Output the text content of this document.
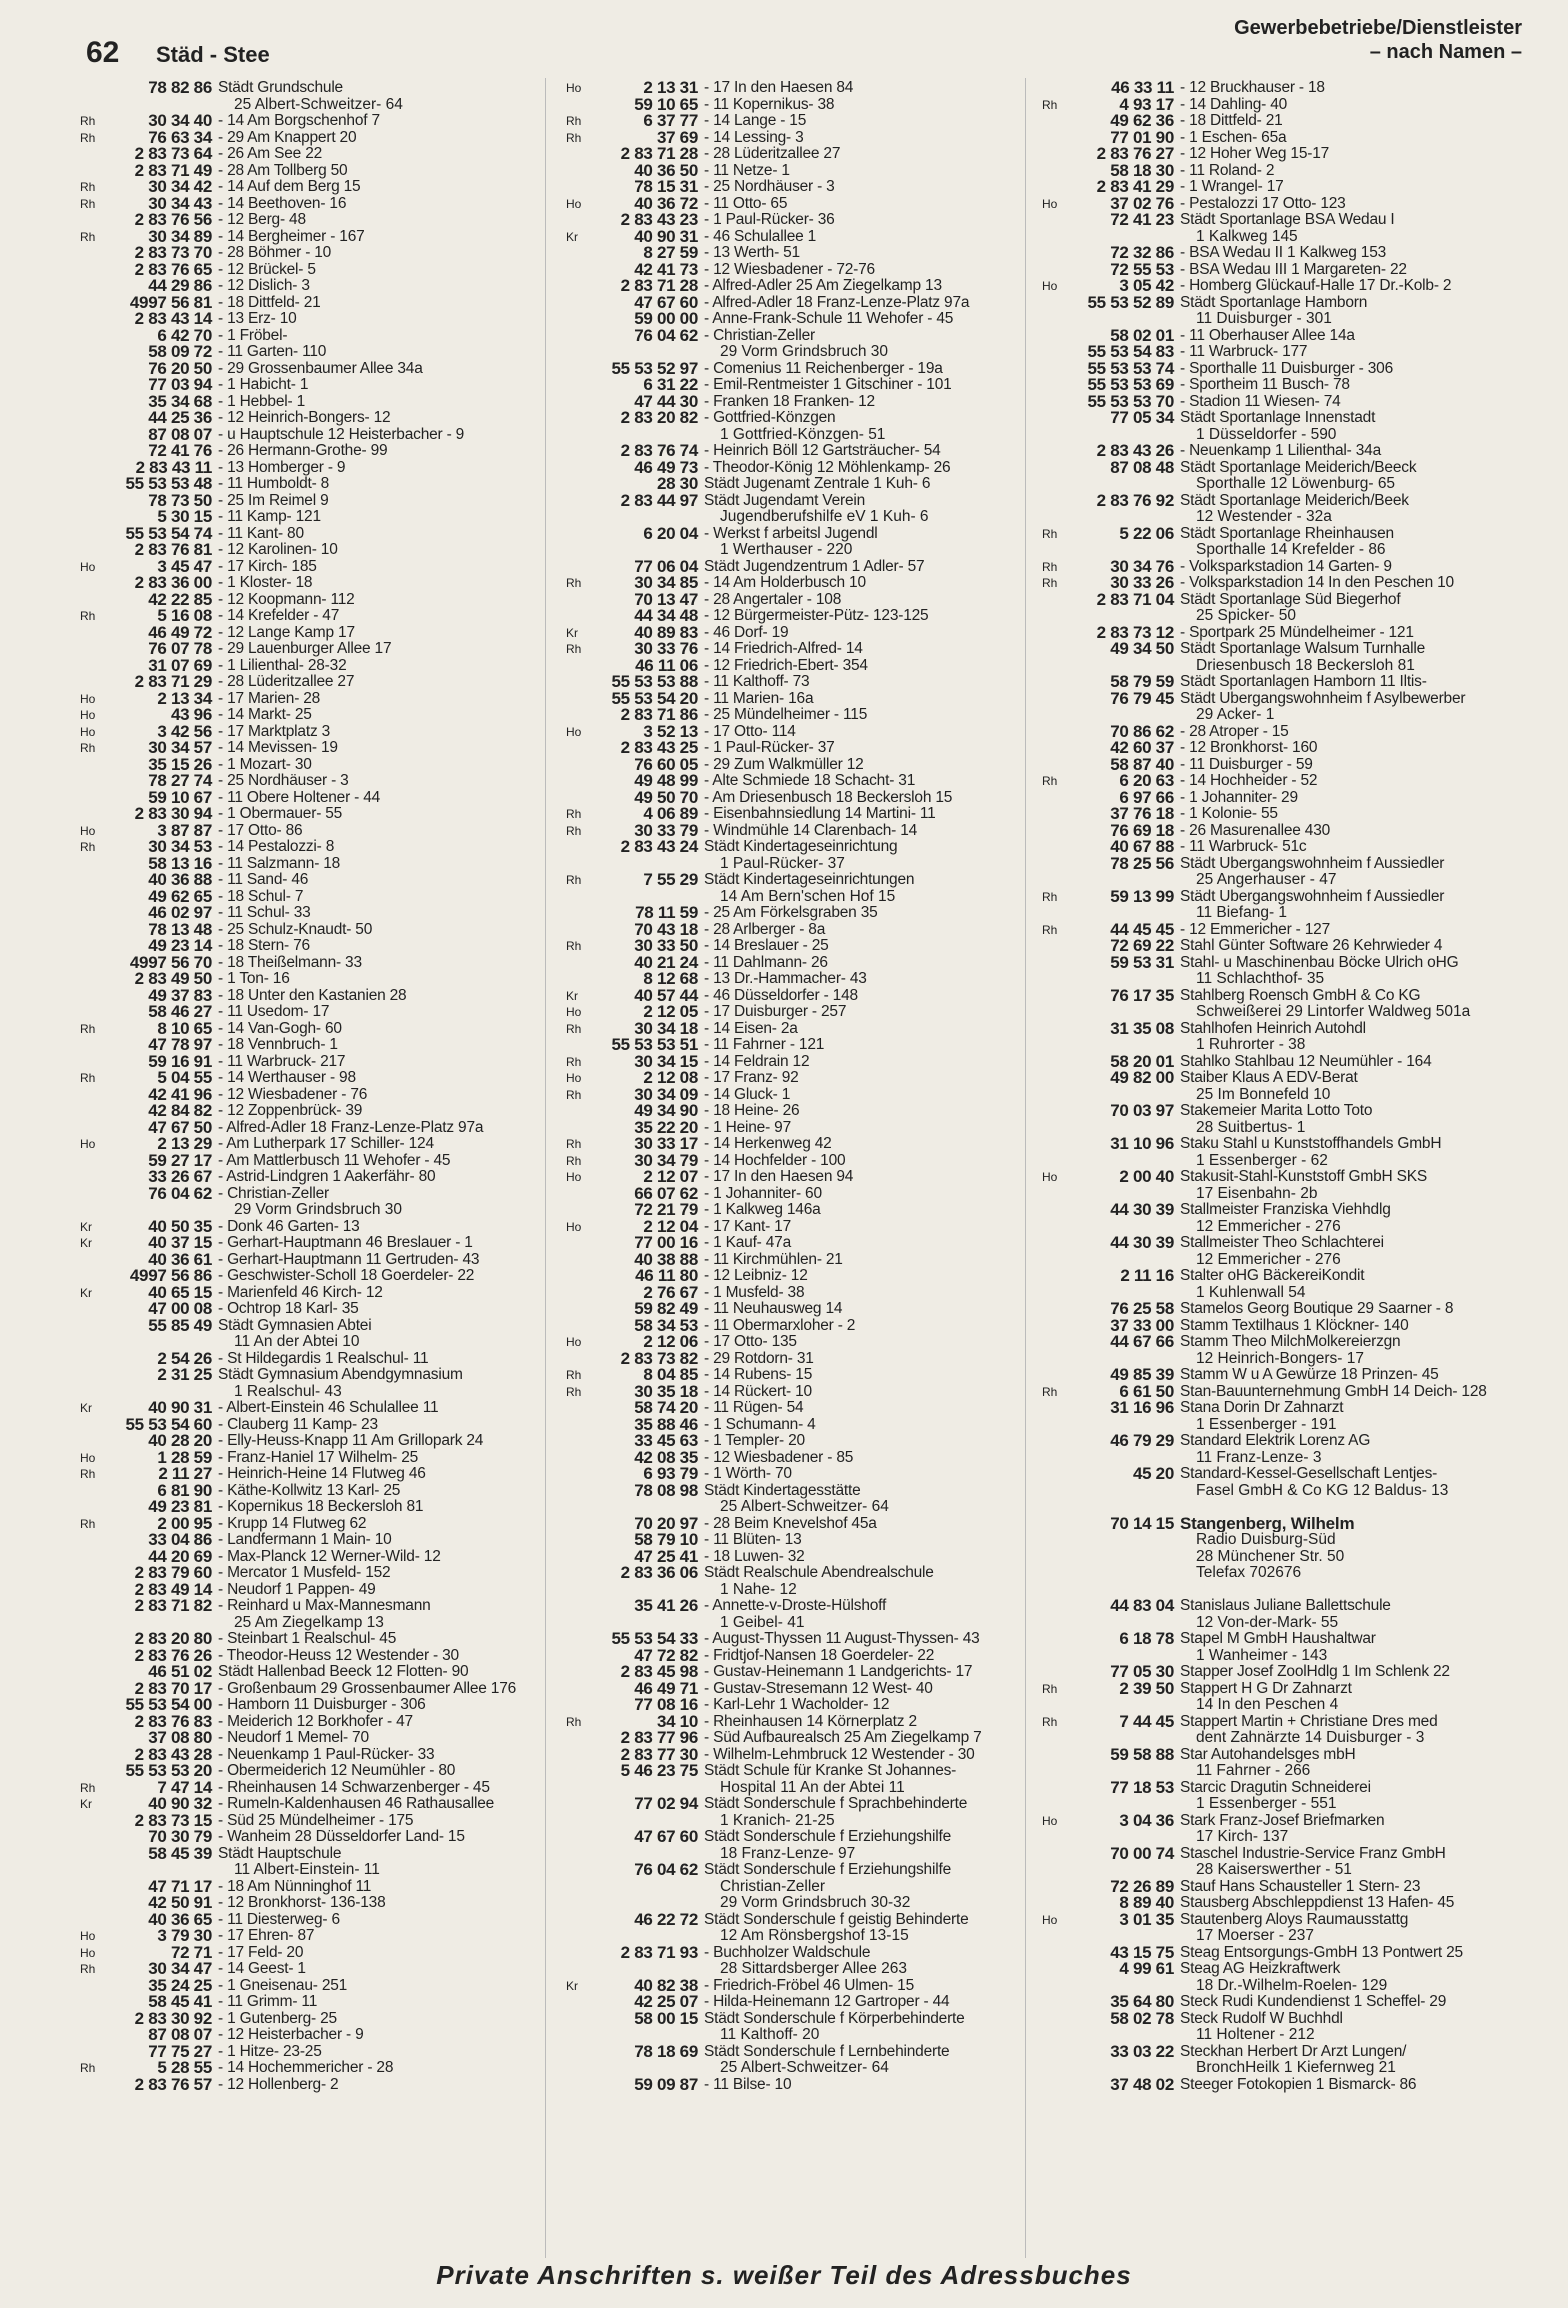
62 Städ - Stee
Gewerbebetriebe/Dienstleister
– nach Namen –
78 82 86 Städt Grundschule
25 Albert-Schweitzer- 64
Rh	30 34 40 - 14 Am Borgschenhof 7
Rh	76 63 34 - 29 Am Knappert 20
2 83 73 64 - 26 Am See 22
2 83 71 49 - 28 Am Tollberg 50
Rh	30 34 42 - 14 Auf dem Berg 15
Rh	30 34 43 - 14 Beethoven- 16
2 83 76 56 - 12 Berg- 48
Rh	30 34 89 - 14 Bergheimer - 167
2 83 73 70 - 28 Böhmer - 10
2 83 76 65 - 12 Brückel- 5
44 29 86 - 12 Dislich- 3
4997 56 81 - 18 Dittfeld- 21
2 83 43 14 - 13 Erz- 10
6 42 70 - 1 Fröbel-
58 09 72 - 11 Garten- 110
76 20 50 - 29 Grossenbaumer Allee 34a
77 03 94 - 1 Habicht- 1
35 34 68 - 1 Hebbel- 1
44 25 36 - 12 Heinrich-Bongers- 12
87 08 07 - u Hauptschule 12 Heisterbacher - 9
72 41 76 - 26 Hermann-Grothe- 99
2 83 43 11 - 13 Homberger - 9
55 53 53 48 - 11 Humboldt- 8
78 73 50 - 25 Im Reimel 9
5 30 15 - 11 Kamp- 121
55 53 54 74 - 11 Kant- 80
2 83 76 81 - 12 Karolinen- 10
Ho	3 45 47 - 17 Kirch- 185
2 83 36 00 - 1 Kloster- 18
42 22 85 - 12 Koopmann- 112
Rh	5 16 08 - 14 Krefelder - 47
46 49 72 - 12 Lange Kamp 17
76 07 78 - 29 Lauenburger Allee 17
31 07 69 - 1 Lilienthal- 28-32
2 83 71 29 - 28 Lüderitzallee 27
Ho	2 13 34 - 17 Marien- 28
Ho	43 96 - 14 Markt- 25
Ho	3 42 56 - 17 Marktplatz 3
Rh	30 34 57 - 14 Mevissen- 19
35 15 26 - 1 Mozart- 30
78 27 74 - 25 Nordhäuser - 3
59 10 67 - 11 Obere Holtener - 44
2 83 30 94 - 1 Obermauer- 55
Ho	3 87 87 - 17 Otto- 86
Rh	30 34 53 - 14 Pestalozzi- 8
58 13 16 - 11 Salzmann- 18
40 36 88 - 11 Sand- 46
49 62 65 - 18 Schul- 7
46 02 97 - 11 Schul- 33
78 13 48 - 25 Schulz-Knaudt- 50
49 23 14 - 18 Stern- 76
4997 56 70 - 18 Theißelmann- 33
2 83 49 50 - 1 Ton- 16
49 37 83 - 18 Unter den Kastanien 28
58 46 27 - 11 Usedom- 17
Rh	8 10 65 - 14 Van-Gogh- 60
47 78 97 - 18 Vennbruch- 1
59 16 91 - 11 Warbruck- 217
Rh	5 04 55 - 14 Werthauser - 98
42 41 96 - 12 Wiesbadener - 76
42 84 82 - 12 Zoppenbrück- 39
47 67 50 - Alfred-Adler 18 Franz-Lenze-Platz 97a
Ho	2 13 29 - Am Lutherpark 17 Schiller- 124
59 27 17 - Am Mattlerbusch 11 Wehofer - 45
33 26 67 - Astrid-Lindgren 1 Aakerfähr- 80
76 04 62 - Christian-Zeller
29 Vorm Grindsbruch 30
Kr	40 50 35 - Donk 46 Garten- 13
Kr	40 37 15 - Gerhart-Hauptmann 46 Breslauer - 1
40 36 61 - Gerhart-Hauptmann 11 Gertruden- 43
4997 56 86 - Geschwister-Scholl 18 Goerdeler- 22
Kr	40 65 15 - Marienfeld 46 Kirch- 12
47 00 08 - Ochtrop 18 Karl- 35
55 85 49 Städt Gymnasien Abtei
11 An der Abtei 10
2 54 26 - St Hildegardis 1 Realschul- 11
2 31 25 Städt Gymnasium Abendgymnasium
1 Realschul- 43
Kr	40 90 31 - Albert-Einstein 46 Schulallee 11
55 53 54 60 - Clauberg 11 Kamp- 23
40 28 20 - Elly-Heuss-Knapp 11 Am Grillopark 24
Ho	1 28 59 - Franz-Haniel 17 Wilhelm- 25
Rh	2 11 27 - Heinrich-Heine 14 Flutweg 46
6 81 90 - Käthe-Kollwitz 13 Karl- 25
49 23 81 - Kopernikus 18 Beckersloh 81
Rh	2 00 95 - Krupp 14 Flutweg 62
33 04 86 - Landfermann 1 Main- 10
44 20 69 - Max-Planck 12 Werner-Wild- 12
2 83 79 60 - Mercator 1 Musfeld- 152
2 83 49 14 - Neudorf 1 Pappen- 49
2 83 71 82 - Reinhard u Max-Mannesmann
25 Am Ziegelkamp 13
2 83 20 80 - Steinbart 1 Realschul- 45
2 83 76 26 - Theodor-Heuss 12 Westender - 30
46 51 02 Städt Hallenbad Beeck 12 Flotten- 90
2 83 70 17 - Großenbaum 29 Grossenbaumer Allee 176
55 53 54 00 - Hamborn 11 Duisburger - 306
2 83 76 83 - Meiderich 12 Borkhofer - 47
37 08 80 - Neudorf 1 Memel- 70
2 83 43 28 - Neuenkamp 1 Paul-Rücker- 33
55 53 53 20 - Obermeiderich 12 Neumühler - 80
Rh	7 47 14 - Rheinhausen 14 Schwarzenberger - 45
Kr	40 90 32 - Rumeln-Kaldenhausen 46 Rathausallee
2 83 73 15 - Süd 25 Mündelheimer - 175
70 30 79 - Wanheim 28 Düsseldorfer Land- 15
58 45 39 Städt Hauptschule
11 Albert-Einstein- 11
47 71 17 - 18 Am Nünninghof 11
42 50 91 - 12 Bronkhorst- 136-138
40 36 65 - 11 Diesterweg- 6
Ho	3 79 30 - 17 Ehren- 87
Ho	72 71 - 17 Feld- 20
Rh	30 34 47 - 14 Geest- 1
35 24 25 - 1 Gneisenau- 251
58 45 41 - 11 Grimm- 11
2 83 30 92 - 1 Gutenberg- 25
87 08 07 - 12 Heisterbacher - 9
77 75 27 - 1 Hitze- 23-25
Rh	5 28 55 - 14 Hochemmericher - 28
2 83 76 57 - 12 Hollenberg- 2
Ho	2 13 31 - 17 In den Haesen 84
59 10 65 - 11 Kopernikus- 38
Rh	6 37 77 - 14 Lange - 15
Rh	37 69 - 14 Lessing- 3
2 83 71 28 - 28 Lüderitzallee 27
40 36 50 - 11 Netze- 1
78 15 31 - 25 Nordhäuser - 3
Ho	40 36 72 - 11 Otto- 65
2 83 43 23 - 1 Paul-Rücker- 36
Kr	40 90 31 - 46 Schulallee 1
8 27 59 - 13 Werth- 51
42 41 73 - 12 Wiesbadener - 72-76
2 83 71 28 - Alfred-Adler 25 Am Ziegelkamp 13
47 67 60 - Alfred-Adler 18 Franz-Lenze-Platz 97a
59 00 00 - Anne-Frank-Schule 11 Wehofer - 45
76 04 62 - Christian-Zeller
29 Vorm Grindsbruch 30
55 53 52 97 - Comenius 11 Reichenberger - 19a
6 31 22 - Emil-Rentmeister 1 Gitschiner - 101
47 44 30 - Franken 18 Franken- 12
2 83 20 82 - Gottfried-Könzgen
1 Gottfried-Könzgen- 51
2 83 76 74 - Heinrich Böll 12 Gartsträucher- 54
46 49 73 - Theodor-König 12 Möhlenkamp- 26
28 30 Städt Jugenamt Zentrale 1 Kuh- 6
2 83 44 97 Städt Jugendamt Verein
Jugendberufshilfe eV 1 Kuh- 6
6 20 04 - Werkst f arbeitsl Jugendl
1 Werthauser - 220
77 06 04 Städt Jugendzentrum 1 Adler- 57
Rh	30 34 85 - 14 Am Holderbusch 10
70 13 47 - 28 Angertaler - 108
44 34 48 - 12 Bürgermeister-Pütz- 123-125
Kr	40 89 83 - 46 Dorf- 19
Rh	30 33 76 - 14 Friedrich-Alfred- 14
46 11 06 - 12 Friedrich-Ebert- 354
55 53 53 88 - 11 Kalthoff- 73
55 53 54 20 - 11 Marien- 16a
2 83 71 86 - 25 Mündelheimer - 115
Ho	3 52 13 - 17 Otto- 114
2 83 43 25 - 1 Paul-Rücker- 37
76 60 05 - 29 Zum Walkmüller 12
49 48 99 - Alte Schmiede 18 Schacht- 31
49 50 70 - Am Driesenbusch 18 Beckersloh 15
Rh	4 06 89 - Eisenbahnsiedlung 14 Martini- 11
Rh	30 33 79 - Windmühle 14 Clarenbach- 14
2 83 43 24 Städt Kindertageseinrichtung
1 Paul-Rücker- 37
Rh	7 55 29 Städt Kindertageseinrichtungen
14 Am Bern'schen Hof 15
78 11 59 - 25 Am Förkelsgraben 35
70 43 18 - 28 Arlberger - 8a
Rh	30 33 50 - 14 Breslauer - 25
40 21 24 - 11 Dahlmann- 26
8 12 68 - 13 Dr.-Hammacher- 43
Kr	40 57 44 - 46 Düsseldorfer - 148
Ho	2 12 05 - 17 Duisburger - 257
Rh	30 34 18 - 14 Eisen- 2a
55 53 53 51 - 11 Fahrner - 121
Rh	30 34 15 - 14 Feldrain 12
Ho	2 12 08 - 17 Franz- 92
Rh	30 34 09 - 14 Gluck- 1
49 34 90 - 18 Heine- 26
35 22 20 - 1 Heine- 97
Rh	30 33 17 - 14 Herkenweg 42
Rh	30 34 79 - 14 Hochfelder - 100
Ho	2 12 07 - 17 In den Haesen 94
66 07 62 - 1 Johanniter- 60
72 21 79 - 1 Kalkweg 146a
Ho	2 12 04 - 17 Kant- 17
77 00 16 - 1 Kauf- 47a
40 38 88 - 11 Kirchmühlen- 21
46 11 80 - 12 Leibniz- 12
2 76 67 - 1 Musfeld- 38
59 82 49 - 11 Neuhausweg 14
58 34 53 - 11 Obermarxloher - 2
Ho	2 12 06 - 17 Otto- 135
2 83 73 82 - 29 Rotdorn- 31
Rh	8 04 85 - 14 Rubens- 15
Rh	30 35 18 - 14 Rückert- 10
58 74 20 - 11 Rügen- 54
35 88 46 - 1 Schumann- 4
33 45 63 - 1 Templer- 20
42 08 35 - 12 Wiesbadener - 85
6 93 79 - 1 Wörth- 70
78 08 98 Städt Kindertagesstätte
25 Albert-Schweitzer- 64
70 20 97 - 28 Beim Knevelshof 45a
58 79 10 - 11 Blüten- 13
47 25 41 - 18 Luwen- 32
2 83 36 06 Städt Realschule Abendrealschule
1 Nahe- 12
35 41 26 - Annette-v-Droste-Hülshoff
1 Geibel- 41
55 53 54 33 - August-Thyssen 11 August-Thyssen- 43
47 72 82 - Fridtjof-Nansen 18 Goerdeler- 22
2 83 45 98 - Gustav-Heinemann 1 Landgerichts- 17
46 49 71 - Gustav-Stresemann 12 West- 40
77 08 16 - Karl-Lehr 1 Wacholder- 12
Rh	34 10 - Rheinhausen 14 Körnerplatz 2
2 83 77 96 - Süd Aufbaurealsch 25 Am Ziegelkamp 7
2 83 77 30 - Wilhelm-Lehmbruck 12 Westender - 30
5 46 23 75 Städt Schule für Kranke St Johannes-
Hospital 11 An der Abtei 11
77 02 94 Städt Sonderschule f Sprachbehinderte
1 Kranich- 21-25
47 67 60 Städt Sonderschule f Erziehungshilfe
18 Franz-Lenze- 97
76 04 62 Städt Sonderschule f Erziehungshilfe
Christian-Zeller
29 Vorm Grindsbruch 30-32
46 22 72 Städt Sonderschule f geistig Behinderte
12 Am Rönsbergshof 13-15
2 83 71 93 - Buchholzer Waldschule
28 Sittardsberger Allee 263
Kr	40 82 38 - Friedrich-Fröbel 46 Ulmen- 15
42 25 07 - Hilda-Heinemann 12 Gartroper - 44
58 00 15 Städt Sonderschule f Körperbehinderte
11 Kalthoff- 20
78 18 69 Städt Sonderschule f Lernbehinderte
25 Albert-Schweitzer- 64
59 09 87 - 11 Bilse- 10
46 33 11 - 12 Bruckhauser - 18
Rh	4 93 17 - 14 Dahling- 40
49 62 36 - 18 Dittfeld- 21
77 01 90 - 1 Eschen- 65a
2 83 76 27 - 12 Hoher Weg 15-17
58 18 30 - 11 Roland- 2
2 83 41 29 - 1 Wrangel- 17
Ho	37 02 76 - Pestalozzi 17 Otto- 123
72 41 23 Städt Sportanlage BSA Wedau I
1 Kalkweg 145
72 32 86 - BSA Wedau II 1 Kalkweg 153
72 55 53 - BSA Wedau III 1 Margareten- 22
Ho	3 05 42 - Homberg Glückauf-Halle 17 Dr.-Kolb- 2
55 53 52 89 Städt Sportanlage Hamborn
11 Duisburger - 301
58 02 01 - 11 Oberhauser Allee 14a
55 53 54 83 - 11 Warbruck- 177
55 53 53 74 - Sporthalle 11 Duisburger - 306
55 53 53 69 - Sportheim 11 Busch- 78
55 53 53 70 - Stadion 11 Wiesen- 74
77 05 34 Städt Sportanlage Innenstadt
1 Düsseldorfer - 590
2 83 43 26 - Neuenkamp 1 Lilienthal- 34a
87 08 48 Städt Sportanlage Meiderich/Beeck
Sporthalle 12 Löwenburg- 65
2 83 76 92 Städt Sportanlage Meiderich/Beek
12 Westender - 32a
Rh	5 22 06 Städt Sportanlage Rheinhausen
Sporthalle 14 Krefelder - 86
Rh	30 34 76 - Volksparkstadion 14 Garten- 9
Rh	30 33 26 - Volksparkstadion 14 In den Peschen 10
2 83 71 04 Städt Sportanlage Süd Biegerhof
25 Spicker- 50
2 83 73 12 - Sportpark 25 Mündelheimer - 121
49 34 50 Städt Sportanlage Walsum Turnhalle
Driesenbusch 18 Beckersloh 81
58 79 59 Städt Sportanlagen Hamborn 11 Iltis-
76 79 45 Städt Übergangswohnheim f Asylbewerber
29 Acker- 1
70 86 62 - 28 Atroper - 15
42 60 37 - 12 Bronkhorst- 160
58 87 40 - 11 Duisburger - 59
Rh	6 20 63 - 14 Hochheider - 52
6 97 66 - 1 Johanniter- 29
37 76 18 - 1 Kolonie- 55
76 69 18 - 26 Masurenallee 430
40 67 88 - 11 Warbruck- 51c
78 25 56 Städt Übergangswohnheim f Aussiedler
25 Angerhauser - 47
Rh	59 13 99 Städt Übergangswohnheim f Aussiedler
11 Biefang- 1
Rh	44 45 45 - 12 Emmericher - 127
72 69 22 Stahl Günter Software 26 Kehrwieder 4
59 53 31 Stahl- u Maschinenbau Böcke Ulrich oHG
11 Schlachthof- 35
76 17 35 Stahlberg Roensch GmbH & Co KG
Schweißerei 29 Lintorfer Waldweg 501a
31 35 08 Stahlhofen Heinrich Autohdl
1 Ruhrorter - 38
58 20 01 Stahlko Stahlbau 12 Neumühler - 164
49 82 00 Staiber Klaus A EDV-Berat
25 Im Bonnefeld 10
70 03 97 Stakemeier Marita Lotto Toto
28 Suitbertus- 1
31 10 96 Staku Stahl u Kunststoffhandels GmbH
1 Essenberger - 62
Ho	2 00 40 Stakusit-Stahl-Kunststoff GmbH SKS
17 Eisenbahn- 2b
44 30 39 Stallmeister Franziska Viehhdlg
12 Emmericher - 276
44 30 39 Stallmeister Theo Schlachterei
12 Emmericher - 276
2 11 16 Stalter oHG BäckereiKondit
1 Kuhlenwall 54
76 25 58 Stamelos Georg Boutique 29 Saarner - 8
37 33 00 Stamm Textilhaus 1 Klöckner- 140
44 67 66 Stamm Theo MilchMolkereierzgn
12 Heinrich-Bongers- 17
49 85 39 Stamm W u A Gewürze 18 Prinzen- 45
Rh	6 61 50 Stan-Bauunternehmung GmbH 14 Deich- 128
31 16 96 Stana Dorin Dr Zahnarzt
1 Essenberger - 191
46 79 29 Standard Elektrik Lorenz AG
11 Franz-Lenze- 3
45 20 Standard-Kessel-Gesellschaft Lentjes-
Fasel GmbH & Co KG 12 Baldus- 13

70 14 15 Stangenberg, Wilhelm
Radio Duisburg-Süd
28 Münchener Str. 50
Telefax 702676

44 83 04 Stanislaus Juliane Ballettschule
12 Von-der-Mark- 55
6 18 78 Stapel M GmbH Haushaltwar
1 Wanheimer - 143
77 05 30 Stapper Josef ZoolHdlg 1 Im Schlenk 22
Rh	2 39 50 Stappert H G Dr Zahnarzt
14 In den Peschen 4
Rh	7 44 45 Stappert Martin + Christiane Dres med
dent Zahnärzte 14 Duisburger - 3
59 58 88 Star Autohandelsges mbH
11 Fahrner - 266
77 18 53 Starcic Dragutin Schneiderei
1 Essenberger - 551
Ho	3 04 36 Stark Franz-Josef Briefmarken
17 Kirch- 137
70 00 74 Staschel Industrie-Service Franz GmbH
28 Kaiserswerther - 51
72 26 89 Stauf Hans Schausteller 1 Stern- 23
8 89 40 Stausberg Abschleppdienst 13 Hafen- 45
Ho	3 01 35 Stautenberg Aloys Raumausstattg
17 Moerser - 237
43 15 75 Steag Entsorgungs-GmbH 13 Pontwert 25
4 99 61 Steag AG Heizkraftwerk
18 Dr.-Wilhelm-Roelen- 129
35 64 80 Steck Rudi Kundendienst 1 Scheffel- 29
58 02 78 Steck Rudolf W Buchhdl
11 Holtener - 212
33 03 22 Steckhan Herbert Dr Arzt Lungen/
BronchHeilk 1 Kiefernweg 21
37 48 02 Steeger Fotokopien 1 Bismarck- 86
Private Anschriften s. weißer Teil des Adressbuches
